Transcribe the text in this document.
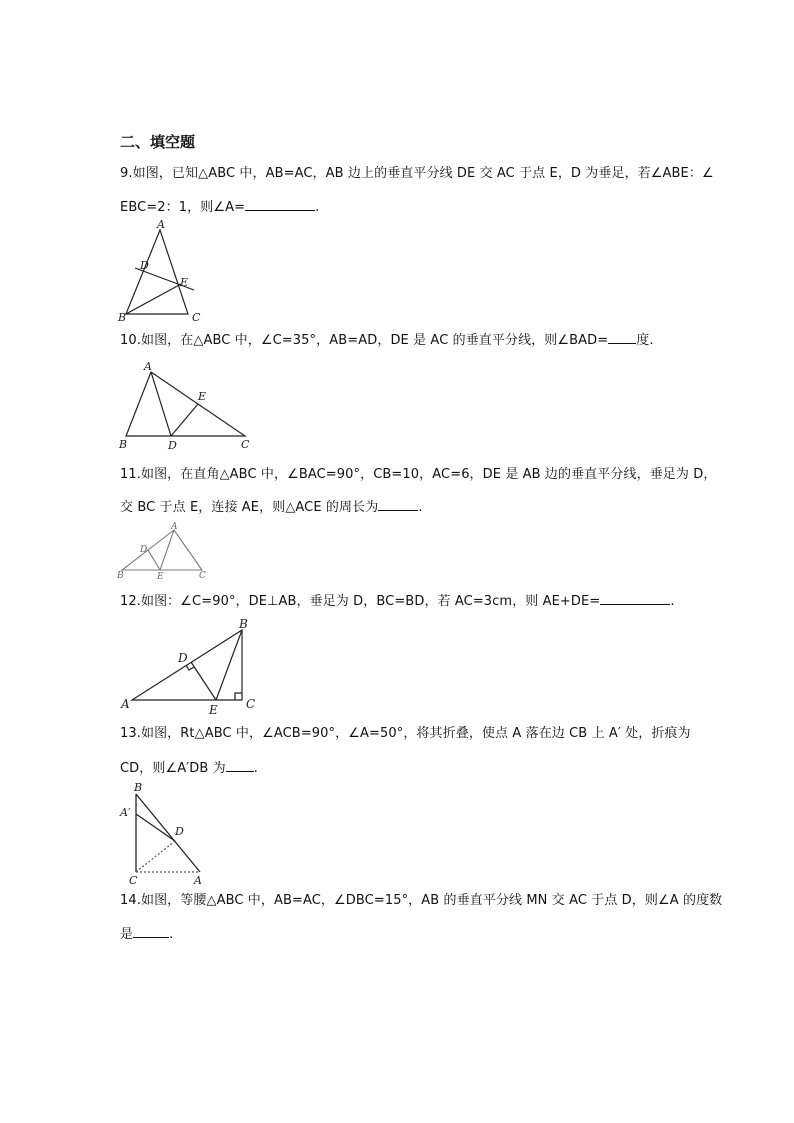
二、填空题
9.如图，已知△ABC 中，AB=AC，AB 边上的垂直平分线 DE 交 AC 于点 E，D 为垂足，若∠ABE：∠
EBC=2：1，则∠A=	.
A
B	C
D
E
10.如图，在△ABC 中，∠C=35°，AB=AD，DE 是 AC 的垂直平分线，则∠BAD= 度.
A
B	C
D
E
11.如图，在直角△ABC 中，∠BAC=90°，CB=10，AC=6，DE 是 AB 边的垂直平分线，垂足为 D，
交 BC 于点 E，连接 AE，则△ACE 的周长为	.
A
B	C
D
E
12.如图：∠C=90°，DE⊥AB，垂足为 D，BC=BD，若 AC=3cm，则 AE+DE=	.
B
D
A	E C
13.如图，Rt△ABC 中，∠ACB=90°，∠A=50°，将其折叠，使点 A 落在边 CB 上 A′ 处，折痕为
CD，则∠A′DB 为 .
B
A′
D
C	A
14.如图，等腰△ABC 中，AB=AC，∠DBC=15°，AB 的垂直平分线 MN 交 AC 于点 D，则∠A 的度数
是	.
